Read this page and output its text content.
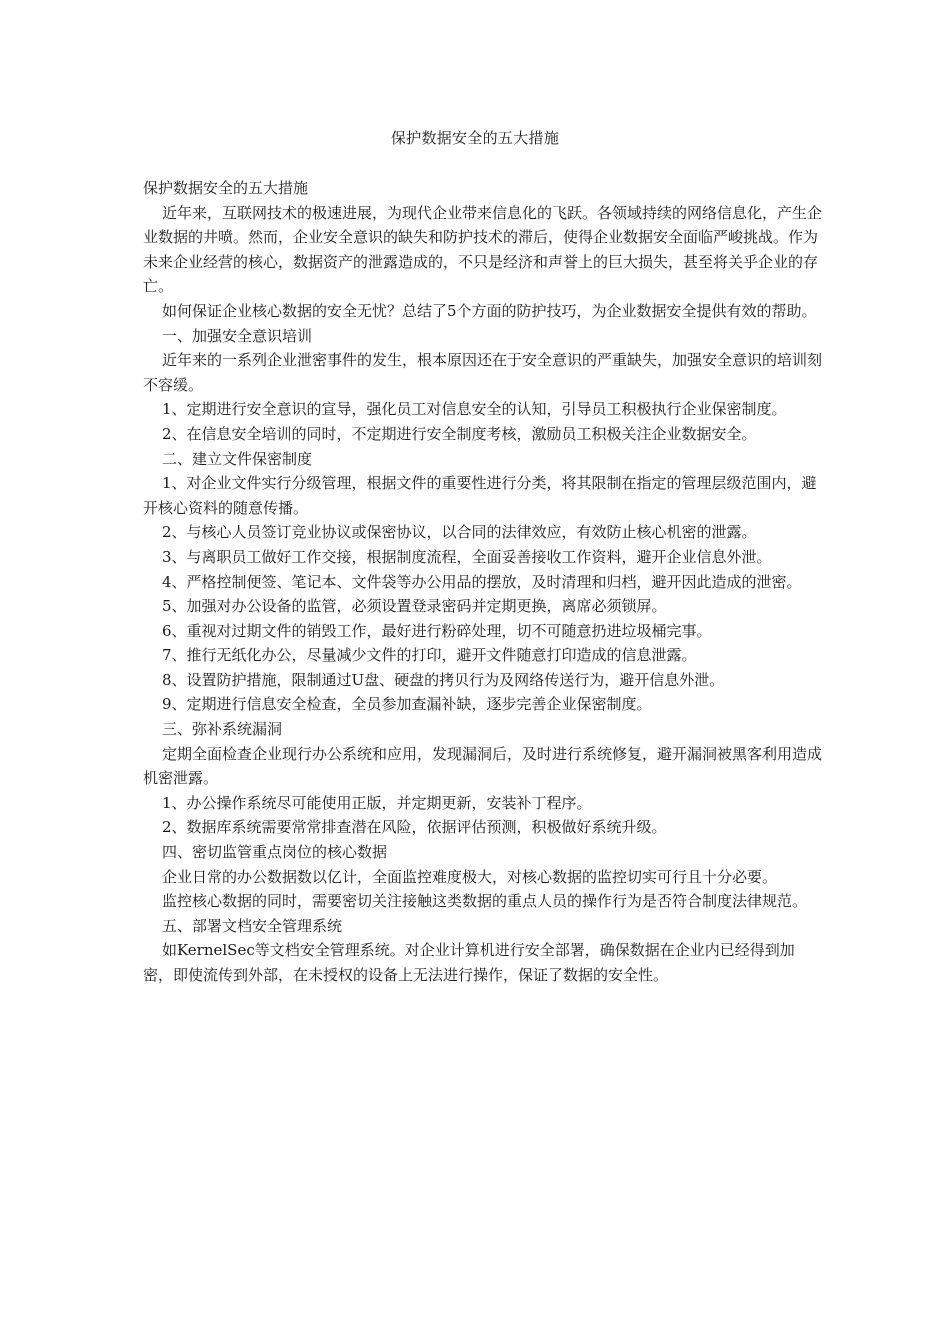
保护数据安全的五大措施

保护数据安全的五大措施

近年来，互联网技术的极速进展，为现代企业带来信息化的飞跃。各领域持续的网络信息化，产生企业数据的井喷。然而，企业安全意识的缺失和防护技术的滞后，使得企业数据安全面临严峻挑战。作为未来企业经营的核心，数据资产的泄露造成的，不只是经济和声誉上的巨大损失，甚至将关乎企业的存亡。

如何保证企业核心数据的安全无忧？总结了5个方面的防护技巧，为企业数据安全提供有效的帮助。

一、加强安全意识培训

近年来的一系列企业泄密事件的发生，根本原因还在于安全意识的严重缺失，加强安全意识的培训刻不容缓。

1、定期进行安全意识的宣导，强化员工对信息安全的认知，引导员工积极执行企业保密制度。

2、在信息安全培训的同时，不定期进行安全制度考核，激励员工积极关注企业数据安全。

二、建立文件保密制度

1、对企业文件实行分级管理，根据文件的重要性进行分类，将其限制在指定的管理层级范围内，避开核心资料的随意传播。

2、与核心人员签订竞业协议或保密协议，以合同的法律效应，有效防止核心机密的泄露。

3、与离职员工做好工作交接，根据制度流程，全面妥善接收工作资料，避开企业信息外泄。

4、严格控制便签、笔记本、文件袋等办公用品的摆放，及时清理和归档，避开因此造成的泄密。

5、加强对办公设备的监管，必须设置登录密码并定期更换，离席必须锁屏。

6、重视对过期文件的销毁工作，最好进行粉碎处理，切不可随意扔进垃圾桶完事。

7、推行无纸化办公，尽量减少文件的打印，避开文件随意打印造成的信息泄露。

8、设置防护措施，限制通过U盘、硬盘的拷贝行为及网络传送行为，避开信息外泄。

9、定期进行信息安全检查，全员参加查漏补缺，逐步完善企业保密制度。

三、弥补系统漏洞

定期全面检查企业现行办公系统和应用，发现漏洞后，及时进行系统修复，避开漏洞被黑客利用造成机密泄露。

1、办公操作系统尽可能使用正版，并定期更新，安装补丁程序。

2、数据库系统需要常常排查潜在风险，依据评估预测，积极做好系统升级。

四、密切监管重点岗位的核心数据

企业日常的办公数据数以亿计，全面监控难度极大，对核心数据的监控切实可行且十分必要。

监控核心数据的同时，需要密切关注接触这类数据的重点人员的操作行为是否符合制度法律规范。

五、部署文档安全管理系统

如KernelSec等文档安全管理系统。对企业计算机进行安全部署，确保数据在企业内已经得到加密，即使流传到外部，在未授权的设备上无法进行操作，保证了数据的安全性。
